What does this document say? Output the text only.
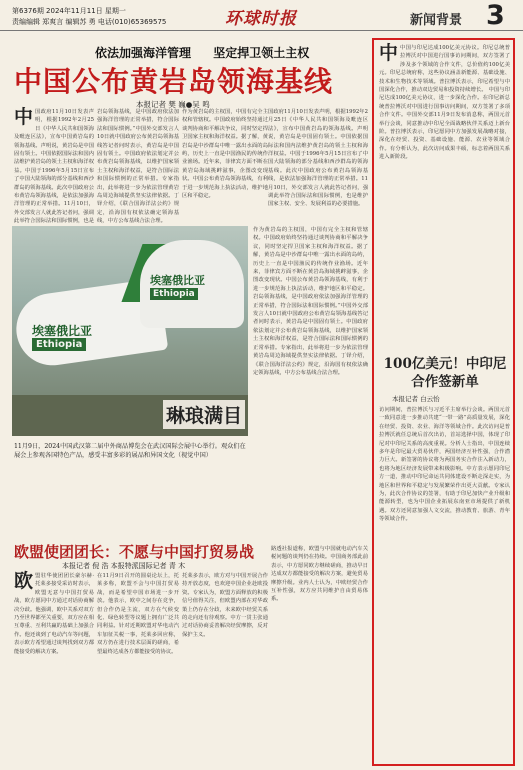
第6376期 2024年11月11日 星期一
责编编辑 郑爽言 编辑苏 勇 电话(010)65369575	环球时报	新闻背景 3
依法加强海洋管理 坚定捍卫领土主权
中国公布黄岩岛领海基线
本报记者 樊 巍●吴 鸣
中 国政府11月10日发表声明，根据1992年2月25日《中华人民共和国领海及毗连区法》，宣布中国黄岩岛的领海基线。声明说，黄岩岛是中国固有领土。中国依据国际法和国内法维护黄岩岛的领土主权和海洋权益。中国于1996年5月15日宣布了中国大陆领海的部分基线和西沙群岛的领海基线。此次中国政府公布黄岩岛领海基线，是依法加强海洋管理的正常举措。11月10日，外交部发言人就此答记者问，强调此举符合国际法和国际惯例，也是
岩岛领海基线，是中国政府依法加强海洋管理的正常举措，符合国际法和国际惯例。”中国外交部发言人10日就中国政府公布黄岩岛领海基线答记者问时表示，黄岩岛是中国固有领土。中国政府依法划定并公布黄岩岛领海基线，以维护国家领土主权和海洋权益，是符合国际法和国际惯例的正常举措。专家指出，此举将进一步为依法管理黄岩岛周边海域提供坚实法律依据。丁铎介绍，《联合国海洋法公约》规定，沿海国有权依法确定领海基线，中方公布基线合法合理。
作为黄岩岛的主权国，中国有完全主权和管辖权。中国政府始终坚持通过谈判协商和平解决争议，同时坚定捍卫国家主权和海洋权益。据了解，黄岩岛是中沙群岛中唯一露出水面的岛屿，历史上一直是中国渔民的传统作业渔场。近年来，菲律宾方面不断在黄岩岛海域挑衅滋事，企图改变现状。中国公布黄岩岛领海基线，有利于进一步规范海上执法活动，维护地区和平稳定。
作为黄岩岛的主权国，中国有完全主权和管辖权。中国政府始终坚持通过谈判协商和平解决争议，同时坚定捍卫国家主权和海洋权益。据了解，黄岩岛是中沙群岛中唯一露出水面的岛屿，历史上一直是中国渔民的传统作业渔场。近年来，菲律宾方面不断在黄岩岛海域挑衅滋事，企图改变现状。中国公布黄岩岛领海基线，有利于进一步规范海上执法活动，维护地区和平稳定。 岩岛领海基线，是中国政府依法加强海洋管理的正常举措，符合国际法和国际惯例。”中国外交部发言人10日就中国政府公布黄岩岛领海基线答记者问时表示，黄岩岛是中国固有领土。中国政府依法划定并公布黄岩岛领海基线，以维护国家领土主权和海洋权益，是符合国际法和国际惯例的正常举措。专家指出，此举将进一步为依法管理黄岩岛周边海域提供坚实法律依据。丁铎介绍，《联合国海洋法公约》规定，沿海国有权依法确定领海基线，中方公布基线合法合理。
国政府11月10日发表声明，根据1992年2月25日《中华人民共和国领海及毗连区法》，宣布中国黄岩岛的领海基线。声明说，黄岩岛是中国固有领土。中国依据国际法和国内法维护黄岩岛的领土主权和海洋权益。中国于1996年5月15日宣布了中国大陆领海的部分基线和西沙群岛的领海基线。此次中国政府公布黄岩岛领海基线，是依法加强海洋管理的正常举措。11月10日，外交部发言人就此答记者问，强调此举符合国际法和国际惯例，也是维护国家主权、安全、发展利益的必要措施。
埃塞俄比亚
Ethiopia
埃塞俄比亚
Ethiopia
琳琅满目
11月9日，2024中国武汉第二届中外商品博览会在武汉国际会展中心举行。观众们在展会上参观各国特色产品，感受丰富多彩的展品和异国文化（视觉中国）
欧盟使团团长：不愿与中国打贸易战
本报记者 倪 浩 本报特派国际记者 青 木
欧 盟驻华使团团长豪尔赫·托莱多接受采访时表示，欧盟无意与中国打贸易战，欧方愿同中方通过对话协商解决分歧。他强调，欧中关系对双方乃至世界都至关重要，双方应在相互尊重、互利共赢的基础上加强合作。他还谈到了电动汽车等问题，表示欧方希望通过谈判找到双方都能接受的解决方案。
在11月9日召开的圆桌论坛上，托莱多称，欧盟不会与中国打贸易战，而是希望中国市场进一步开放。他表示，欧中之间存在竞争，但合作仍是主流，双方在气候变化、绿色转型等议题上拥有广泛共同利益。针对近期欧盟对华电动汽车加征关税一事，托莱多回应称，双方仍在进行技术层面的磋商，希望最终达成各方都能接受的协议。
托莱多表示，欧方对与中国开展合作持开放态度，也欢迎中国企业赴欧投资。专家认为，欧盟方面释放的积极信号值得关注，但欧盟内部在对华政策上仍存在分歧，未来欧中经贸关系的走向还有待观察。中方一贯主张通过对话协商妥善解决经贸摩擦，反对保护主义。
路透社报道称，欧盟与中国就电动汽车关税问题的谈判仍在持续。中国商务部此前表示，中方愿同欧方继续磋商，推动早日达成双方都能接受的解决方案，避免贸易摩擦升级。业内人士认为，中欧经贸合作互补性强，双方应共同维护自由贸易体系。
中 中国与印尼达成100亿美元协议。印尼总统普拉博沃对中国进行国事访问期间，双方签署了涉及多个领域的合作文件，总价值约100亿美元。印尼总统府称，这些协议涵盖新能源、基础设施、技术和生物技术等领域。普拉博沃表示，印尼希望与中国深化合作，推动双边贸易和投资持续增长。 中国与印尼达成100亿美元协议，进一步深化合作。在印尼新总统普拉博沃对中国进行国事访问期间，双方签署了多项合作文件。中国外交部11月9日发布消息称，两国元首举行会谈，同意推动中印尼全面战略伙伴关系迈上新台阶。普拉博沃表示，印尼愿同中方加强发展战略对接，深化在经贸、投资、基础设施、能源、农业等领域合作。有分析认为，此次访问成果丰硕，标志着两国关系进入新阶段。
100亿美元！中印尼
合作签新单
本报记者 白云怡
访问期间，普拉博沃与习近平主席举行会谈。两国元首一致同意进一步推动共建“一带一路”高质量发展，深化在经贸、投资、农业、海洋等领域合作。此次访问是普拉博沃就任总统后首次出访，首站选择中国，体现了印尼对中印尼关系的高度重视。分析人士指出，中国连续多年是印尼最大贸易伙伴，两国经济互补性强，合作潜力巨大。新签署的协议将为两国务实合作注入新动力，也将为地区经济发展带来积极影响。中方表示愿同印尼方一道，推动中印尼命运共同体建设不断走深走实，为地区和世界和平稳定与发展繁荣作出更大贡献。专家认为，此次合作协议的签署，有助于印尼加快产业升级和能源转型，也为中国企业拓展东南亚市场提供了新机遇。双方还同意加强人文交流，推动教育、旅游、青年等领域合作。
